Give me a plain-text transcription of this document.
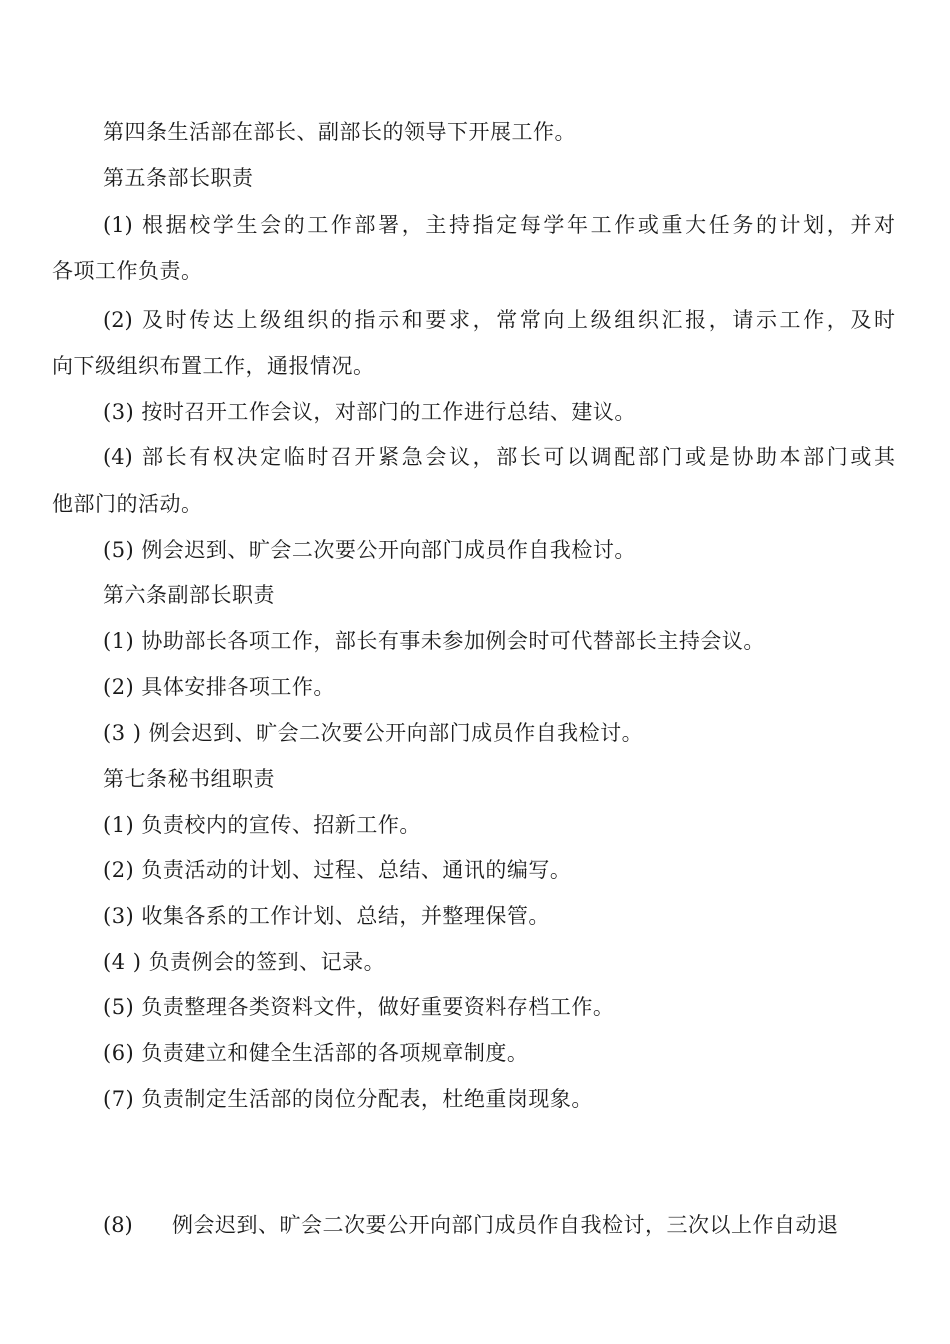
第四条生活部在部长、副部长的领导下开展工作。
第五条部长职责
(1) 根据校学生会的工作部署，主持指定每学年工作或重大任务的计划，并对
各项工作负责。
(2) 及时传达上级组织的指示和要求，常常向上级组织汇报，请示工作，及时
向下级组织布置工作，通报情况。
(3) 按时召开工作会议，对部门的工作进行总结、建议。
(4) 部长有权决定临时召开紧急会议，部长可以调配部门或是协助本部门或其
他部门的活动。
(5) 例会迟到、旷会二次要公开向部门成员作自我检讨。
第六条副部长职责
(1) 协助部长各项工作，部长有事未参加例会时可代替部长主持会议。
(2) 具体安排各项工作。
(3 ) 例会迟到、旷会二次要公开向部门成员作自我检讨。
第七条秘书组职责
(1) 负责校内的宣传、招新工作。
(2) 负责活动的计划、过程、总结、通讯的编写。
(3) 收集各系的工作计划、总结，并整理保管。
(4 ) 负责例会的签到、记录。
(5) 负责整理各类资料文件，做好重要资料存档工作。
(6) 负责建立和健全生活部的各项规章制度。
(7) 负责制定生活部的岗位分配表，杜绝重岗现象。
(8) 例会迟到、旷会二次要公开向部门成员作自我检讨，三次以上作自动退
